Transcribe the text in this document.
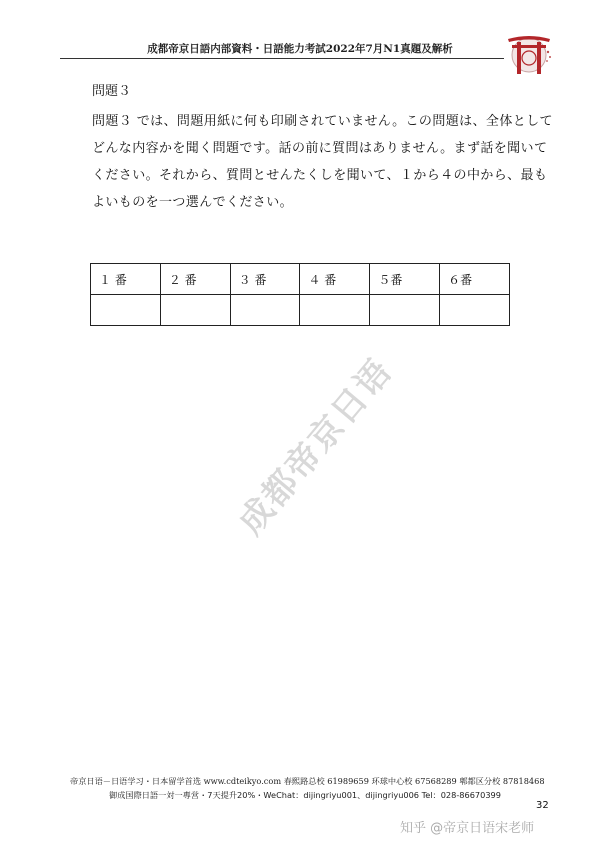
成都帝京日語内部資料・日語能力考試2022年7月N1真題及解析
問題３
問題３ では、問題用紙に何も印刷されていません。この問題は、全体として
どんな内容かを聞く問題です。話の前に質問はありません。まず話を聞いて
ください。それから、質問とせんたくしを聞いて、１から４の中から、最も
よいものを一つ選んでください。
１ 番	２ 番	３ 番	４ 番	５番	６番

成都帝京日语
帝京日语－日语学习・日本留学首选 www.cdteikyo.com 春熙路总校 61989659 环球中心校 67568289 郫都区分校 87818468
御成国際日語一対一專営・7天提升20%・WeChat：dijingriyu001、dijingriyu006 Tel：028-86670399
32
知乎 @帝京日语宋老师
